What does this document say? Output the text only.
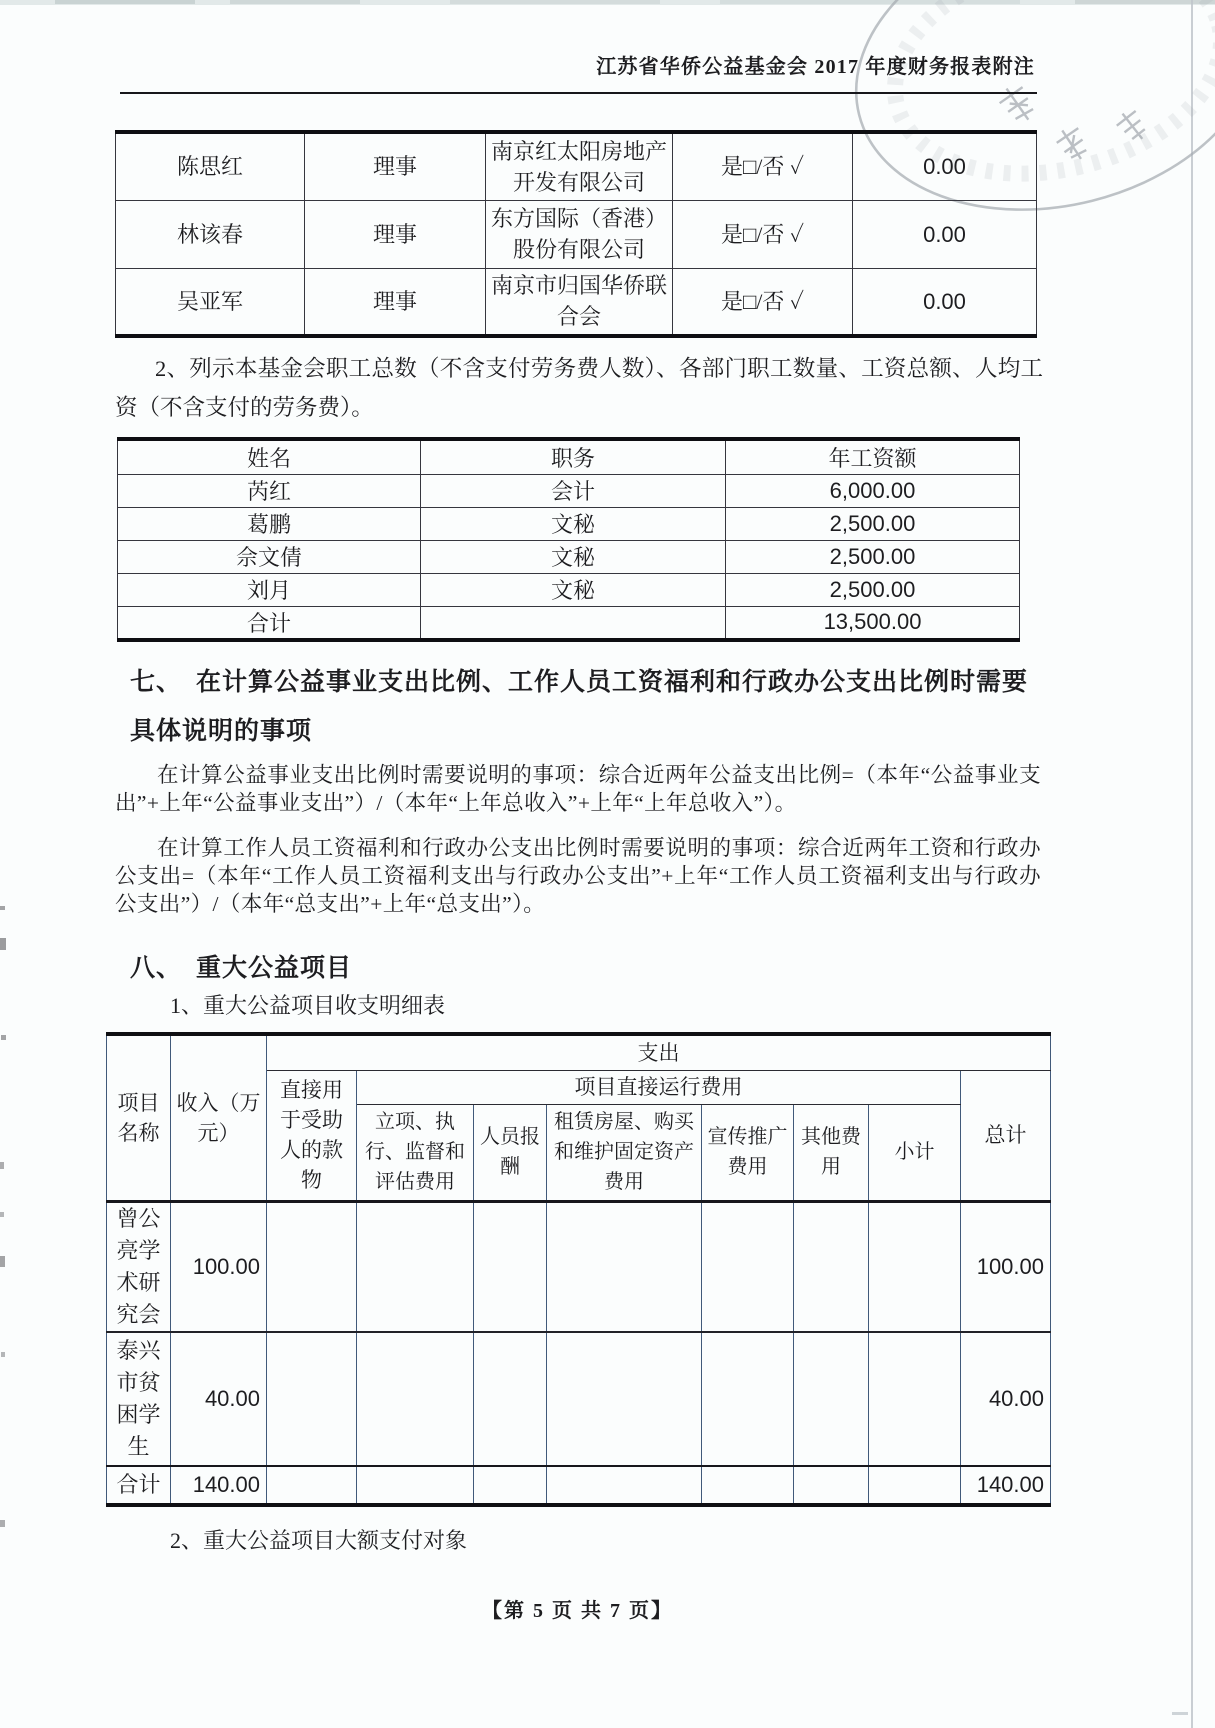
江苏省华侨公益基金会 2017 年度财务报表附注
陈思红	理事	南京红太阳房地产开发有限公司	是□/否 ✓	0.00
林该春	理事	东方国际（香港）股份有限公司	是□/否 ✓	0.00
吴亚军	理事	南京市归国华侨联合会	是□/否 ✓	0.00
2、列示本基金会职工总数（不含支付劳务费人数）、各部门职工数量、工资总额、人均工资（不含支付的劳务费）。
姓名	职务	年工资额
芮红	会计	6,000.00
葛鹏	文秘	2,500.00
佘文倩	文秘	2,500.00
刘月	文秘	2,500.00
合计		13,500.00
七、 在计算公益事业支出比例、工作人员工资福利和行政办公支出比例时需要具体说明的事项
在计算公益事业支出比例时需要说明的事项：综合近两年公益支出比例=（本年“公益事业支出”+上年“公益事业支出”）/（本年“上年总收入”+上年“上年总收入”）。
在计算工作人员工资福利和行政办公支出比例时需要说明的事项：综合近两年工资和行政办公支出=（本年“工作人员工资福利支出与行政办公支出”+上年“工作人员工资福利支出与行政办公支出”）/（本年“总支出”+上年“总支出”）。
八、 重大公益项目
1、重大公益项目收支明细表
项目名称	收入（万元）	支出							
		直接用于受助人的款物	项目直接运行费用						总计
			立项、执行、监督和评估费用	人员报酬	租赁房屋、购买和维护固定资产费用	宣传推广费用	其他费用	小计	
曾公亮学术研究会	100.00								100.00
泰兴市贫困学生	40.00								40.00
合计	140.00								140.00
2、重大公益项目大额支付对象
【第 5 页 共 7 页】
